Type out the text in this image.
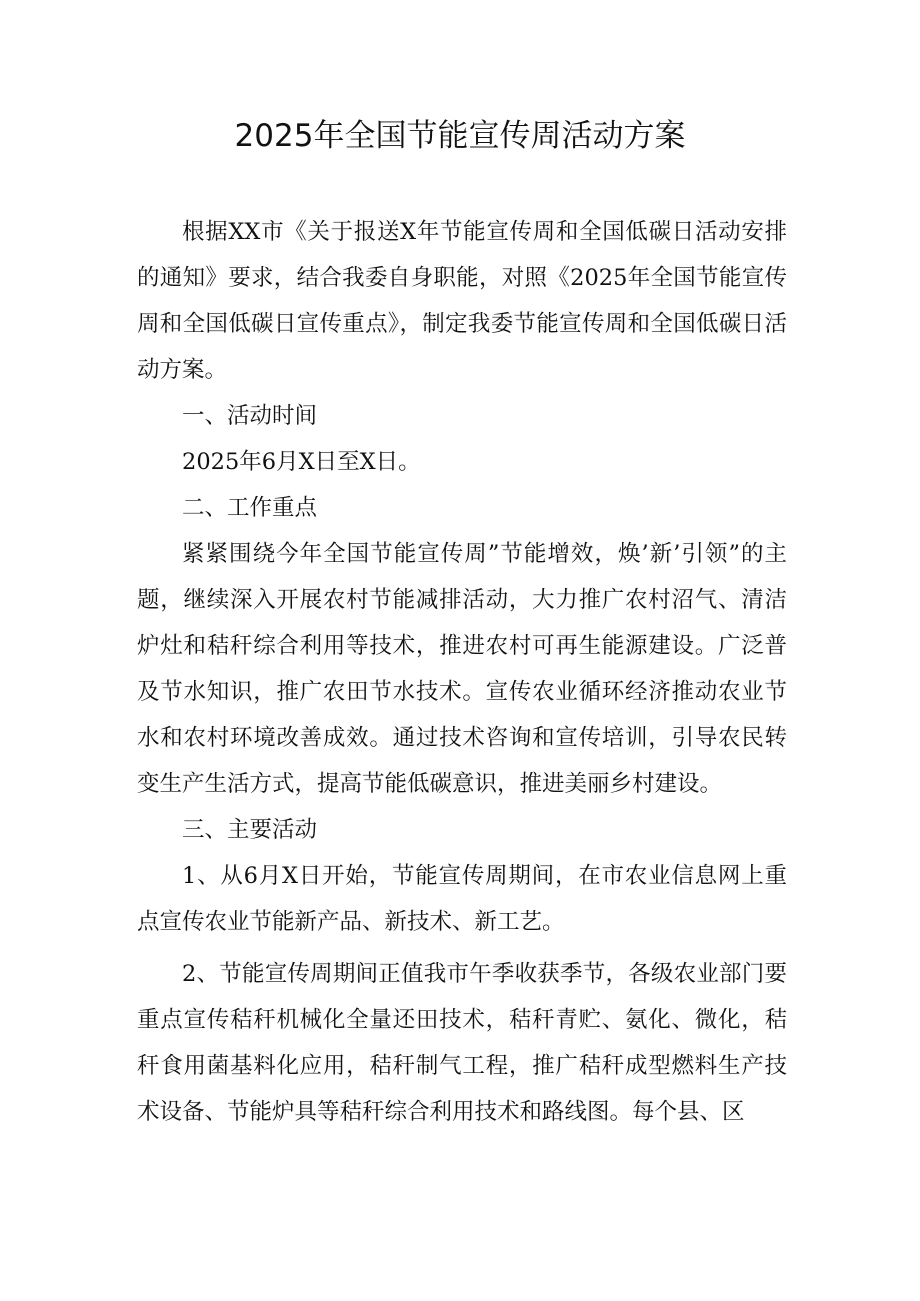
2025年全国节能宣传周活动方案

根据XX市《关于报送X年节能宣传周和全国低碳日活动安排的通知》要求，结合我委自身职能，对照《2025年全国节能宣传周和全国低碳日宣传重点》，制定我委节能宣传周和全国低碳日活动方案。

一、活动时间

2025年6月X日至X日。

二、工作重点

紧紧围绕今年全国节能宣传周”节能增效，焕’新’引领”的主题，继续深入开展农村节能减排活动，大力推广农村沼气、清洁炉灶和秸秆综合利用等技术，推进农村可再生能源建设。广泛普及节水知识，推广农田节水技术。宣传农业循环经济推动农业节水和农村环境改善成效。通过技术咨询和宣传培训，引导农民转变生产生活方式，提高节能低碳意识，推进美丽乡村建设。

三、主要活动

1、从6月X日开始，节能宣传周期间，在市农业信息网上重点宣传农业节能新产品、新技术、新工艺。

2、节能宣传周期间正值我市午季收获季节，各级农业部门要重点宣传秸秆机械化全量还田技术，秸秆青贮、氨化、微化，秸秆食用菌基料化应用，秸秆制气工程，推广秸秆成型燃料生产技术设备、节能炉具等秸秆综合利用技术和路线图。每个县、区
